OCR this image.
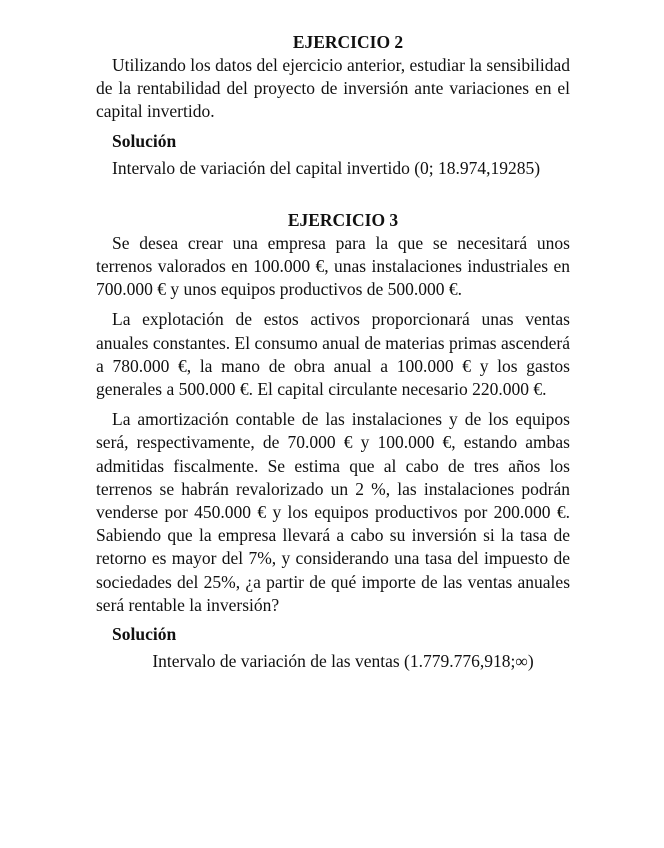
EJERCICIO 2

Utilizando los datos del ejercicio anterior, estudiar la sensibilidad de la rentabilidad del proyecto de inversión ante variaciones en el capital invertido.

Solución

Intervalo de variación del capital invertido (0; 18.974,19285)

EJERCICIO 3

Se desea crear una empresa para la que se necesitará unos terrenos valorados en 100.000 €, unas instalaciones industriales en 700.000 € y unos equipos productivos de 500.000 €.

La explotación de estos activos proporcionará unas ventas anuales constantes. El consumo anual de materias primas ascenderá a 780.000 €, la mano de obra anual a 100.000 € y los gastos generales a 500.000 €. El capital circulante necesario 220.000 €.

La amortización contable de las instalaciones y de los equipos será, respectivamente, de 70.000 € y 100.000 €, estando ambas admitidas fiscalmente. Se estima que al cabo de tres años los terrenos se habrán revalorizado un 2 %, las instalaciones podrán venderse por 450.000 € y los equipos productivos por 200.000 €. Sabiendo que la empresa llevará a cabo su inversión si la tasa de retorno es mayor del 7%, y considerando una tasa del impuesto de sociedades del 25%, ¿a partir de qué importe de las ventas anuales será rentable la inversión?

Solución

Intervalo de variación de las ventas (1.779.776,918;∞)
